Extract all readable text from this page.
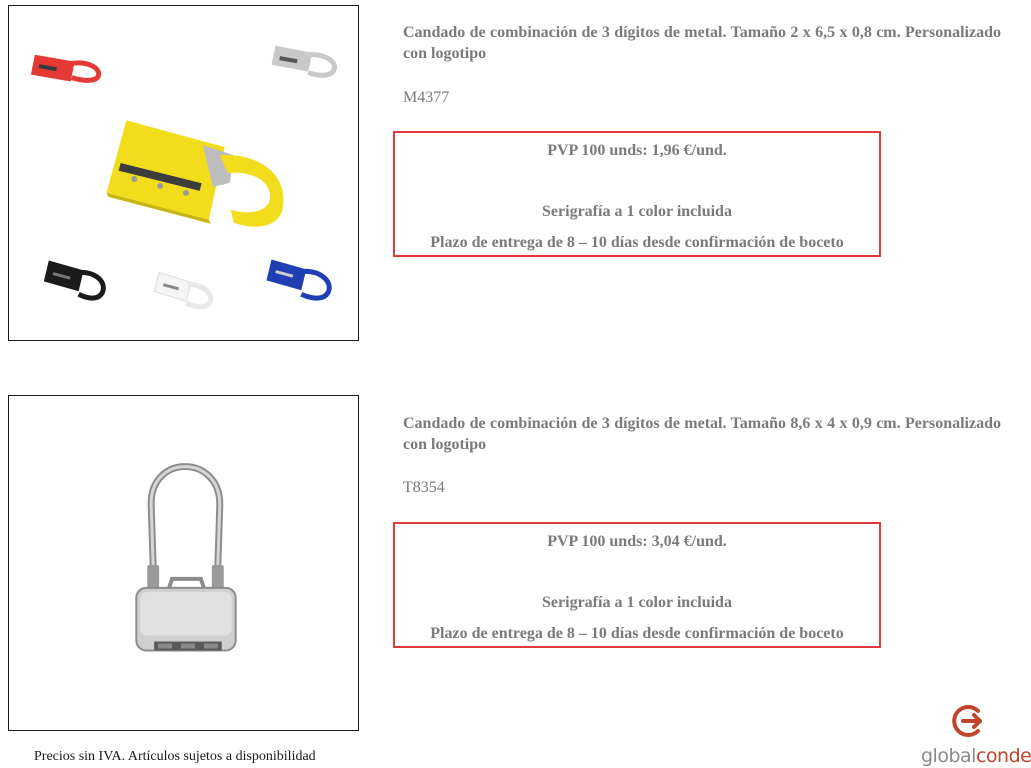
Candado de combinación de 3 dígitos de metal. Tamaño 2 x 6,5 x 0,8 cm. Personalizado con logotipo
M4377
PVP 100 unds: 1,96 €/und.
Serigrafía a 1 color incluida
Plazo de entrega de 8 – 10 días desde confirmación de boceto
Candado de combinación de 3 dígitos de metal. Tamaño 8,6 x 4 x 0,9 cm. Personalizado con logotipo
T8354
PVP 100 unds: 3,04 €/und.
Serigrafía a 1 color incluida
Plazo de entrega de 8 – 10 días desde confirmación de boceto
Precios sin IVA. Artículos sujetos a disponibilidad	globalconde
